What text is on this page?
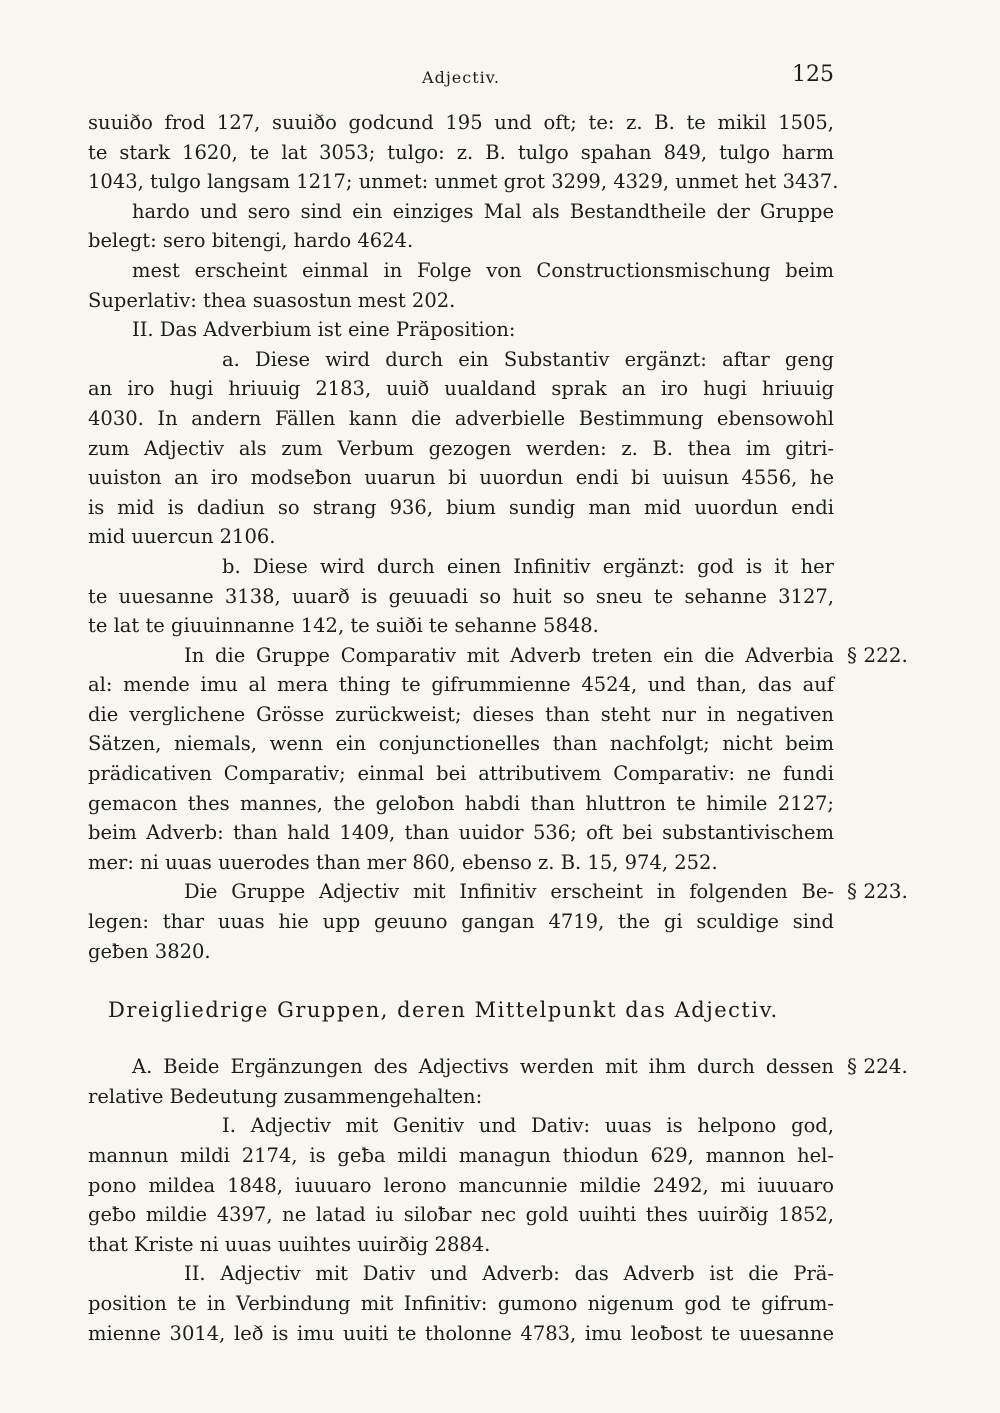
Adjectiv.	125
suuiðo frod 127, suuiðo godcund 195 und oft; te: z. B. te mikil 1505,
te stark 1620, te lat 3053; tulgo: z. B. tulgo spahan 849, tulgo harm
1043, tulgo langsam 1217; unmet: unmet grot 3299, 4329, unmet het 3437.
hardo und sero sind ein einziges Mal als Bestandtheile der Gruppe
belegt: sero bitengi, hardo 4624.
mest erscheint einmal in Folge von Constructionsmischung beim
Superlativ: thea suasostun mest 202.
II. Das Adverbium ist eine Präposition:
a. Diese wird durch ein Substantiv ergänzt: aftar geng
an iro hugi hriuuig 2183, uuið uualdand sprak an iro hugi hriuuig
4030. In andern Fällen kann die adverbielle Bestimmung ebensowohl
zum Adjectiv als zum Verbum gezogen werden: z. B. thea im gitri-
uuiston an iro modseƀon uuarun bi uuordun endi bi uuisun 4556, he
is mid is dadiun so strang 936, bium sundig man mid uuordun endi
mid uuercun 2106.
b. Diese wird durch einen Infinitiv ergänzt: god is it her
te uuesanne 3138, uuarð is geuuadi so huit so sneu te sehanne 3127,
te lat te giuuinnanne 142, te suiði te sehanne 5848.
§ 222.
In die Gruppe Comparativ mit Adverb treten ein die Adverbia
al: mende imu al mera thing te gifrummienne 4524, und than, das auf
die verglichene Grösse zurückweist; dieses than steht nur in negativen
Sätzen, niemals, wenn ein conjunctionelles than nachfolgt; nicht beim
prädicativen Comparativ; einmal bei attributivem Comparativ: ne fundi
gemacon thes mannes, the geloƀon habdi than hluttron te himile 2127;
beim Adverb: than hald 1409, than uuidor 536; oft bei substantivischem
mer: ni uuas uuerodes than mer 860, ebenso z. B. 15, 974, 252.
§ 223.
Die Gruppe Adjectiv mit Infinitiv erscheint in folgenden Be-
legen: thar uuas hie upp geuuno gangan 4719, the gi sculdige sind
geƀen 3820.
Dreigliedrige Gruppen, deren Mittelpunkt das Adjectiv.
§ 224.
A. Beide Ergänzungen des Adjectivs werden mit ihm durch dessen
relative Bedeutung zusammengehalten:
I. Adjectiv mit Genitiv und Dativ: uuas is helpono god,
mannun mildi 2174, is geƀa mildi managun thiodun 629, mannon hel-
pono mildea 1848, iuuuaro lerono mancunnie mildie 2492, mi iuuuaro
geƀo mildie 4397, ne latad iu siloƀar nec gold uuihti thes uuirðig 1852,
that Kriste ni uuas uuihtes uuirðig 2884.
II. Adjectiv mit Dativ und Adverb: das Adverb ist die Prä-
position te in Verbindung mit Infinitiv: gumono nigenum god te gifrum-
mienne 3014, leð is imu uuiti te tholonne 4783, imu leoƀost te uuesanne
